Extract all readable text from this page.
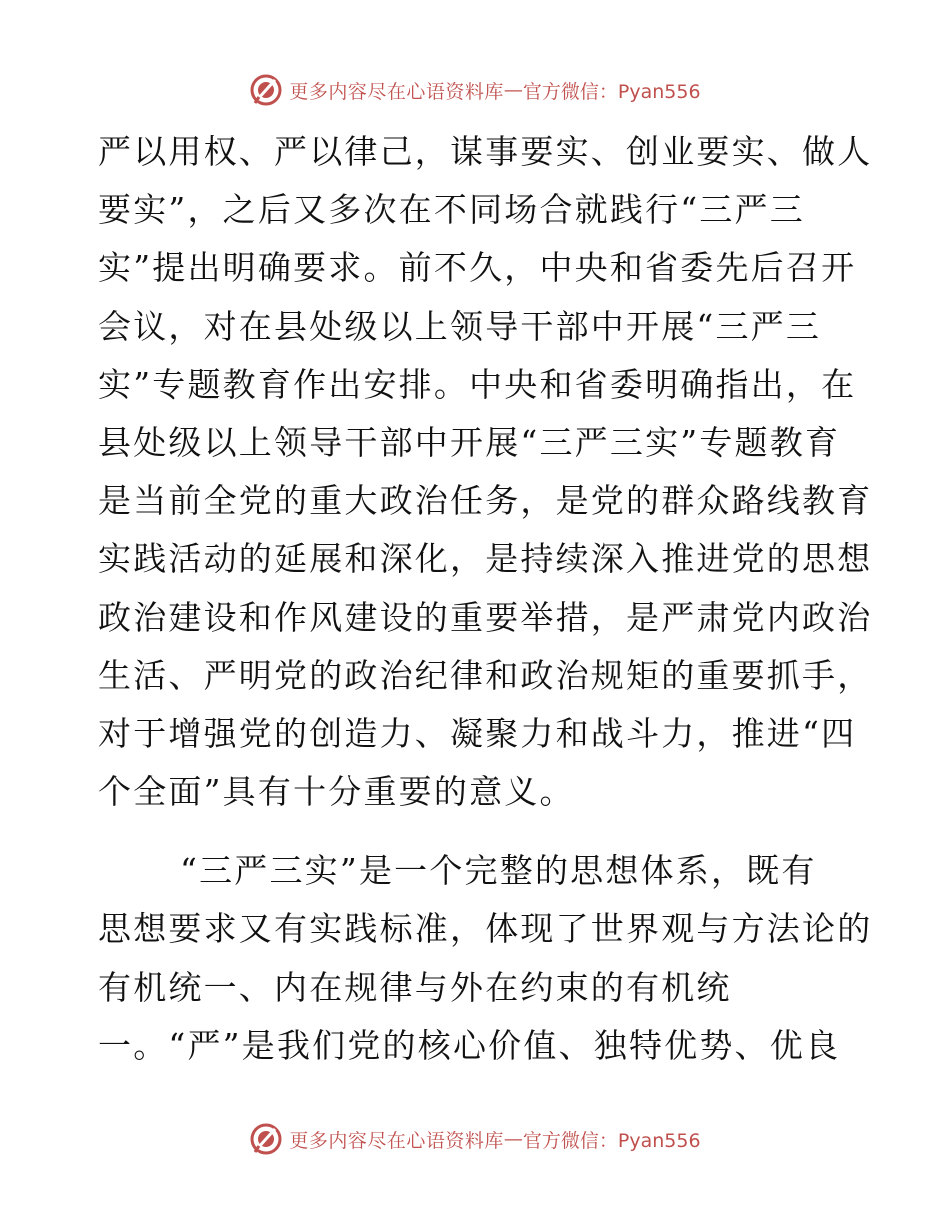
更多内容尽在心语资料库 — 官方微信：Pyan556
严以用权、严以律己，谋事要实、创业要实、做人
要实”，之后又多次在不同场合就践行“三严三
实”提出明确要求。前不久，中央和省委先后召开
会议，对在县处级以上领导干部中开展“三严三
实”专题教育作出安排。中央和省委明确指出，在
县处级以上领导干部中开展“三严三实”专题教育
是当前全党的重大政治任务，是党的群众路线教育
实践活动的延展和深化，是持续深入推进党的思想
政治建设和作风建设的重要举措，是严肃党内政治
生活、严明党的政治纪律和政治规矩的重要抓手，
对于增强党的创造力、凝聚力和战斗力，推进“四
个全面”具有十分重要的意义。
“三严三实”是一个完整的思想体系，既有
思想要求又有实践标准，体现了世界观与方法论的
有机统一、内在规律与外在约束的有机统
一。“严”是我们党的核心价值、独特优势、优良
更多内容尽在心语资料库 — 官方微信：Pyan556
